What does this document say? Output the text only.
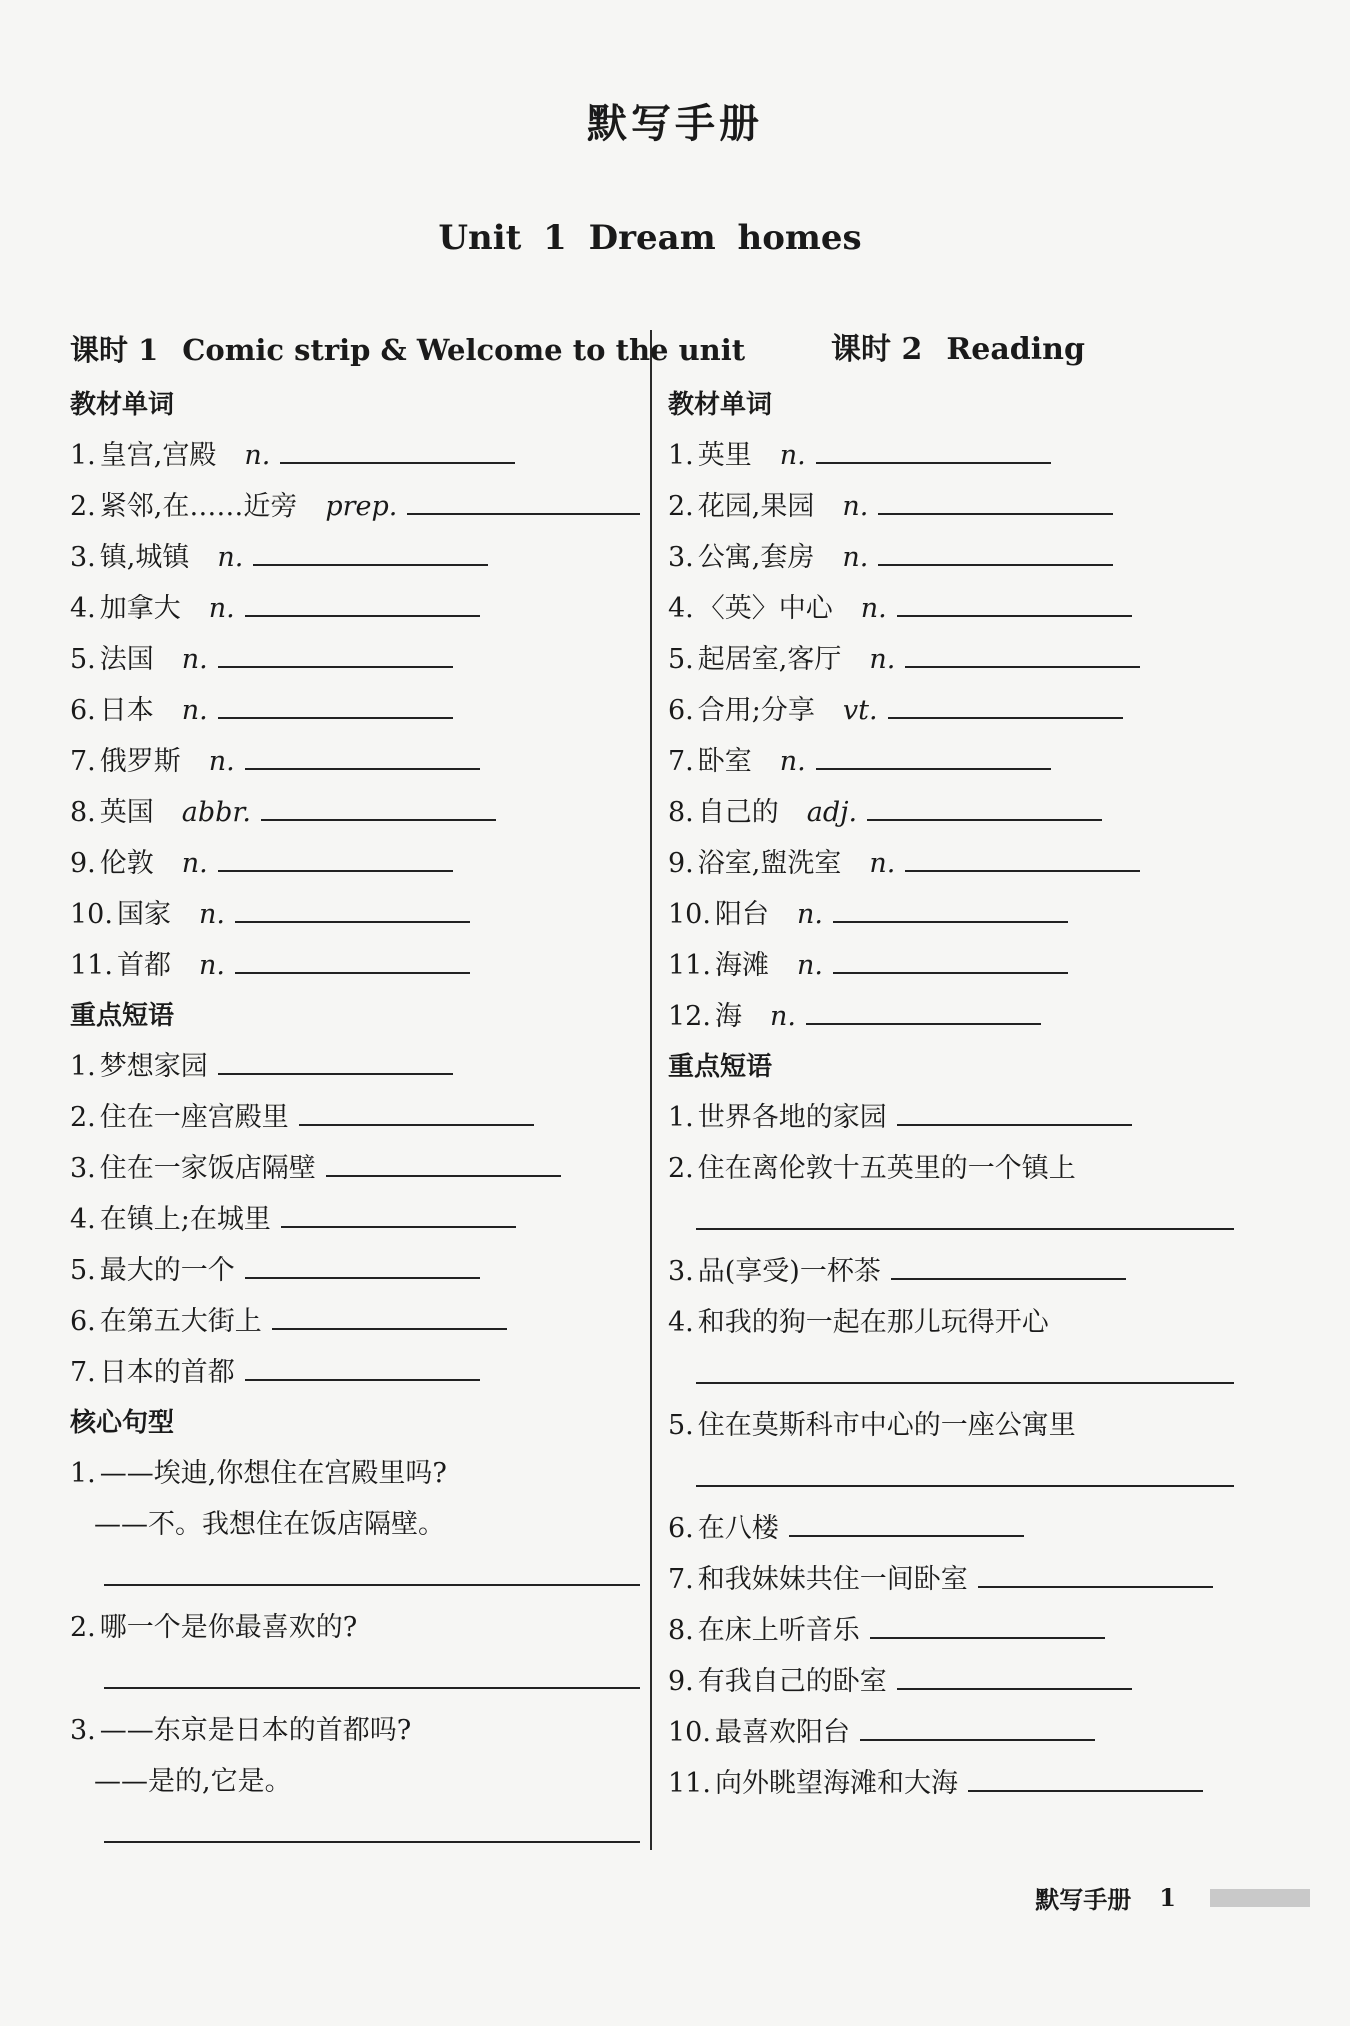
默写手册
Unit 1 Dream homes
课时 1 Comic strip & Welcome to the unit
教材单词
1. 皇宫,宫殿 n.
2. 紧邻,在……近旁 prep.
3. 镇,城镇 n.
4. 加拿大 n.
5. 法国 n.
6. 日本 n.
7. 俄罗斯 n.
8. 英国 abbr.
9. 伦敦 n.
10. 国家 n.
11. 首都 n.
重点短语
1. 梦想家园
2. 住在一座宫殿里
3. 住在一家饭店隔壁
4. 在镇上;在城里
5. 最大的一个
6. 在第五大街上
7. 日本的首都
核心句型
1. ——埃迪,你想住在宫殿里吗?
——不。我想住在饭店隔壁。
2. 哪一个是你最喜欢的?
3. ——东京是日本的首都吗?
——是的,它是。
课时 2 Reading
教材单词
1. 英里 n.
2. 花园,果园 n.
3. 公寓,套房 n.
4. 〈英〉中心 n.
5. 起居室,客厅 n.
6. 合用;分享 vt.
7. 卧室 n.
8. 自己的 adj.
9. 浴室,盥洗室 n.
10. 阳台 n.
11. 海滩 n.
12. 海 n.
重点短语
1. 世界各地的家园
2. 住在离伦敦十五英里的一个镇上
3. 品(享受)一杯茶
4. 和我的狗一起在那儿玩得开心
5. 住在莫斯科市中心的一座公寓里
6. 在八楼
7. 和我妹妹共住一间卧室
8. 在床上听音乐
9. 有我自己的卧室
10. 最喜欢阳台
11. 向外眺望海滩和大海
默写手册 1
